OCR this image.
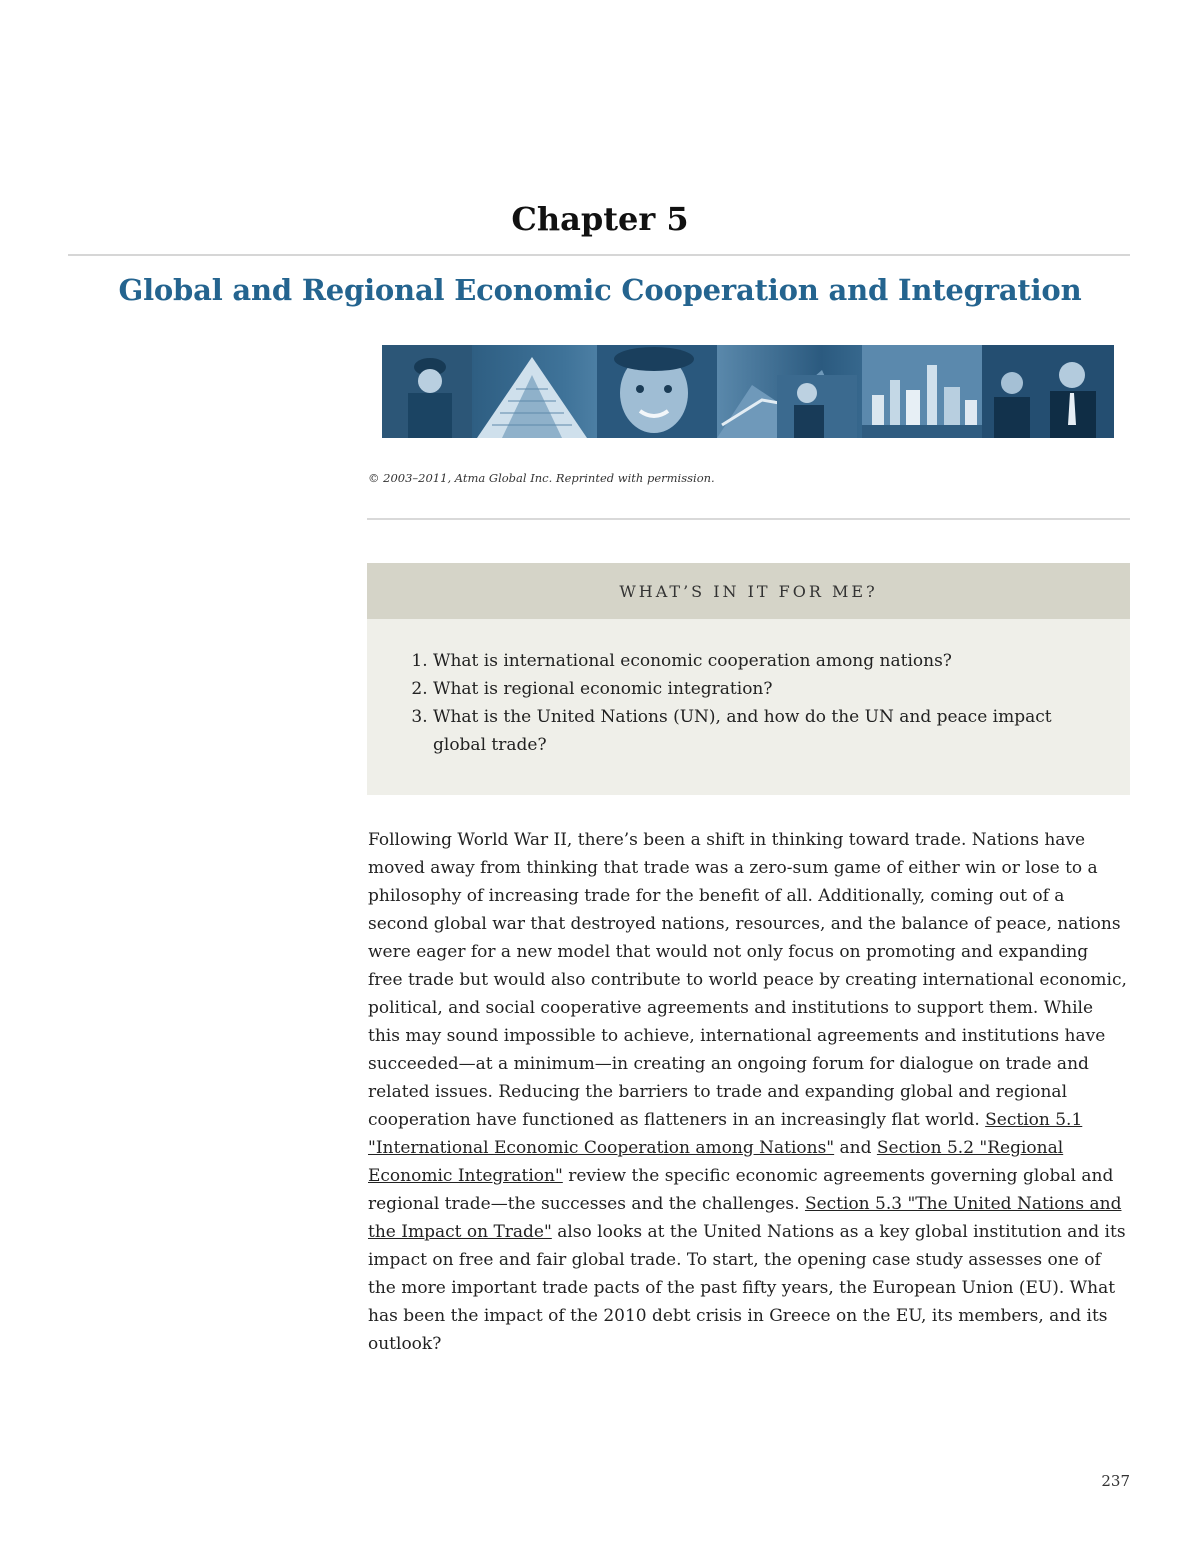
Chapter 5
Global and Regional Economic Cooperation and Integration
© 2003–2011, Atma Global Inc. Reprinted with permission.
WHAT’S IN IT FOR ME?
1. What is international economic cooperation among nations?
2. What is regional economic integration?
3. What is the United Nations (UN), and how do the UN and peace impact global trade?
Following World War II, there’s been a shift in thinking toward trade. Nations have moved away from thinking that trade was a zero-sum game of either win or lose to a philosophy of increasing trade for the benefit of all. Additionally, coming out of a second global war that destroyed nations, resources, and the balance of peace, nations were eager for a new model that would not only focus on promoting and expanding free trade but would also contribute to world peace by creating international economic, political, and social cooperative agreements and institutions to support them. While this may sound impossible to achieve, international agreements and institutions have succeeded—at a minimum—in creating an ongoing forum for dialogue on trade and related issues. Reducing the barriers to trade and expanding global and regional cooperation have functioned as flatteners in an increasingly flat world. Section 5.1 "International Economic Cooperation among Nations" and Section 5.2 "Regional Economic Integration" review the specific economic agreements governing global and regional trade—the successes and the challenges. Section 5.3 "The United Nations and the Impact on Trade" also looks at the United Nations as a key global institution and its impact on free and fair global trade. To start, the opening case study assesses one of the more important trade pacts of the past fifty years, the European Union (EU). What has been the impact of the 2010 debt crisis in Greece on the EU, its members, and its outlook?
237
